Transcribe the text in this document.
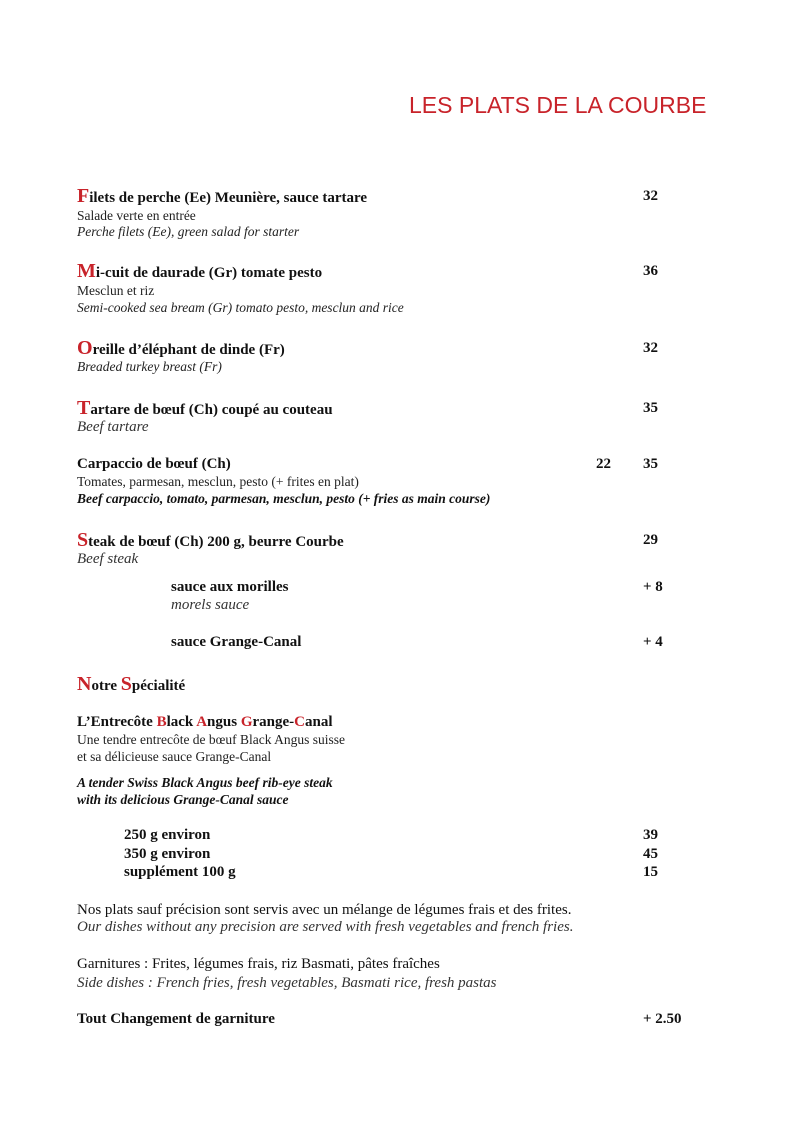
LES PLATS DE LA COURBE
Filets de perche (Ee) Meunière, sauce tartare	32
Salade verte en entrée
Perche filets (Ee), green salad for starter
Mi-cuit de daurade (Gr) tomate pesto	36
Mesclun et riz
Semi-cooked sea bream (Gr) tomato pesto, mesclun and rice
Oreille d’éléphant de dinde (Fr)	32
Breaded turkey breast (Fr)
Tartare de bœuf (Ch) coupé au couteau	35
Beef tartare
Carpaccio de bœuf (Ch)	22 35
Tomates, parmesan, mesclun, pesto (+ frites en plat)
Beef carpaccio, tomato, parmesan, mesclun, pesto (+ fries as main course)
Steak de bœuf (Ch) 200 g, beurre Courbe	29
Beef steak
sauce aux morilles	+ 8
morels sauce
sauce Grange-Canal	+ 4
Notre Spécialité
L’Entrecôte Black Angus Grange-Canal
Une tendre entrecôte de bœuf Black Angus suisse
et sa délicieuse sauce Grange-Canal
A tender Swiss Black Angus beef rib-eye steak
with its delicious Grange-Canal sauce
250 g environ	39
350 g environ	45
supplément 100 g	15
Nos plats sauf précision sont servis avec un mélange de légumes frais et des frites.
Our dishes without any precision are served with fresh vegetables and french fries.
Garnitures : Frites, légumes frais, riz Basmati, pâtes fraîches
Side dishes : French fries, fresh vegetables, Basmati rice, fresh pastas
Tout Changement de garniture	+ 2.50
